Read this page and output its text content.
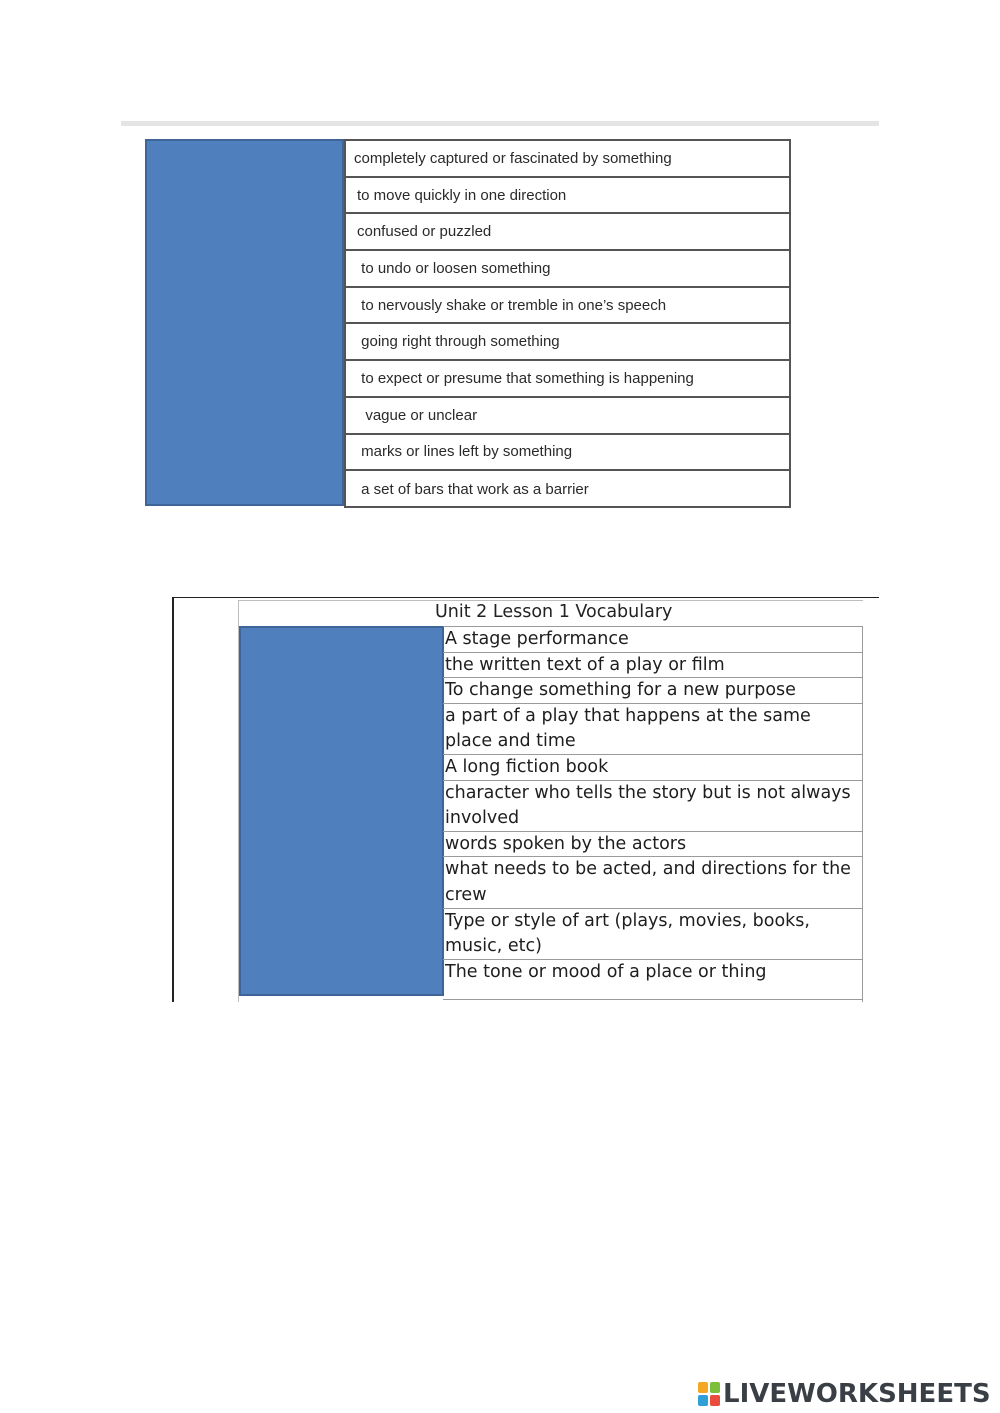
completely captured or fascinated by something
to move quickly in one direction
confused or puzzled
to undo or loosen something
to nervously shake or tremble in one’s speech
going right through something
to expect or presume that something is happening
vague or unclear
marks or lines left by something
a set of bars that work as a barrier
Unit 2 Lesson 1 Vocabulary
A stage performance
the written text of a play or film
To change something for a new purpose
a part of a play that happens at the same place and time
A long fiction book
character who tells the story but is not always involved
words spoken by the actors
what needs to be acted, and directions for the crew
Type or style of art (plays, movies, books, music, etc)
The tone or mood of a place or thing
LIVEWORKSHEETS
